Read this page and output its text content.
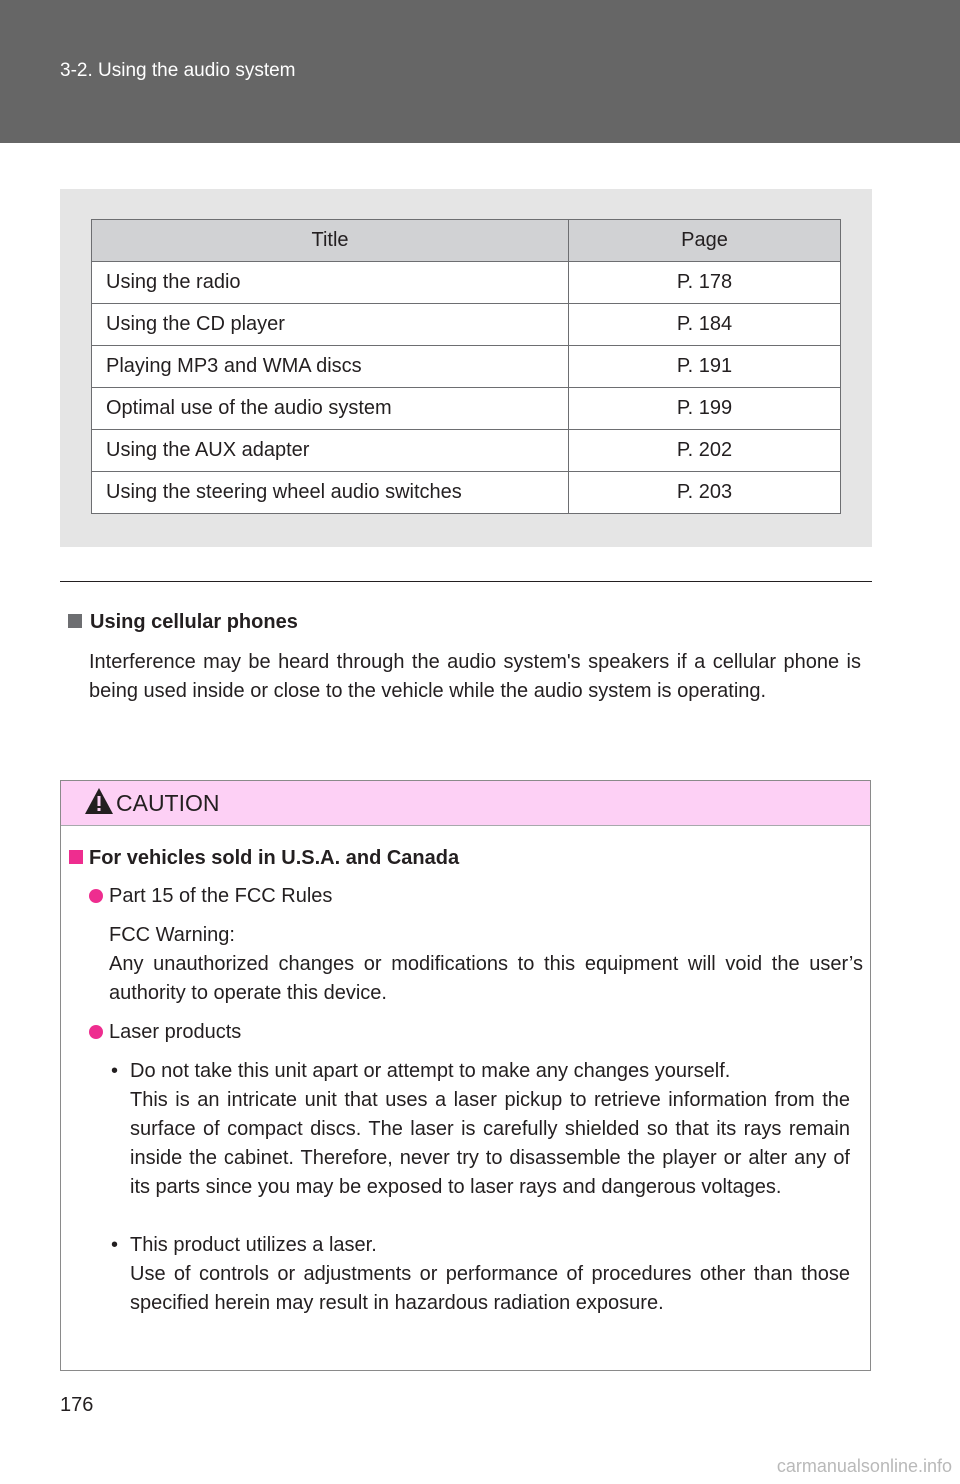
3-2. Using the audio system
Title	Page
Using the radio	P. 178
Using the CD player	P. 184
Playing MP3 and WMA discs	P. 191
Optimal use of the audio system	P. 199
Using the AUX adapter	P. 202
Using the steering wheel audio switches	P. 203
Using cellular phones
Interference may be heard through the audio system's speakers if a cellular phone is being used inside or close to the vehicle while the audio system is operating.
CAUTION
For vehicles sold in U.S.A. and Canada
Part 15 of the FCC Rules
FCC Warning:
Any unauthorized changes or modifications to this equipment will void the user’s authority to operate this device.
Laser products
• Do not take this unit apart or attempt to make any changes yourself.
This is an intricate unit that uses a laser pickup to retrieve information from the surface of compact discs. The laser is carefully shielded so that its rays remain inside the cabinet. Therefore, never try to disassemble the player or alter any of its parts since you may be exposed to laser rays and dangerous voltages.
• This product utilizes a laser.
Use of controls or adjustments or performance of procedures other than those specified herein may result in hazardous radiation exposure.
176
carmanualsonline.info
